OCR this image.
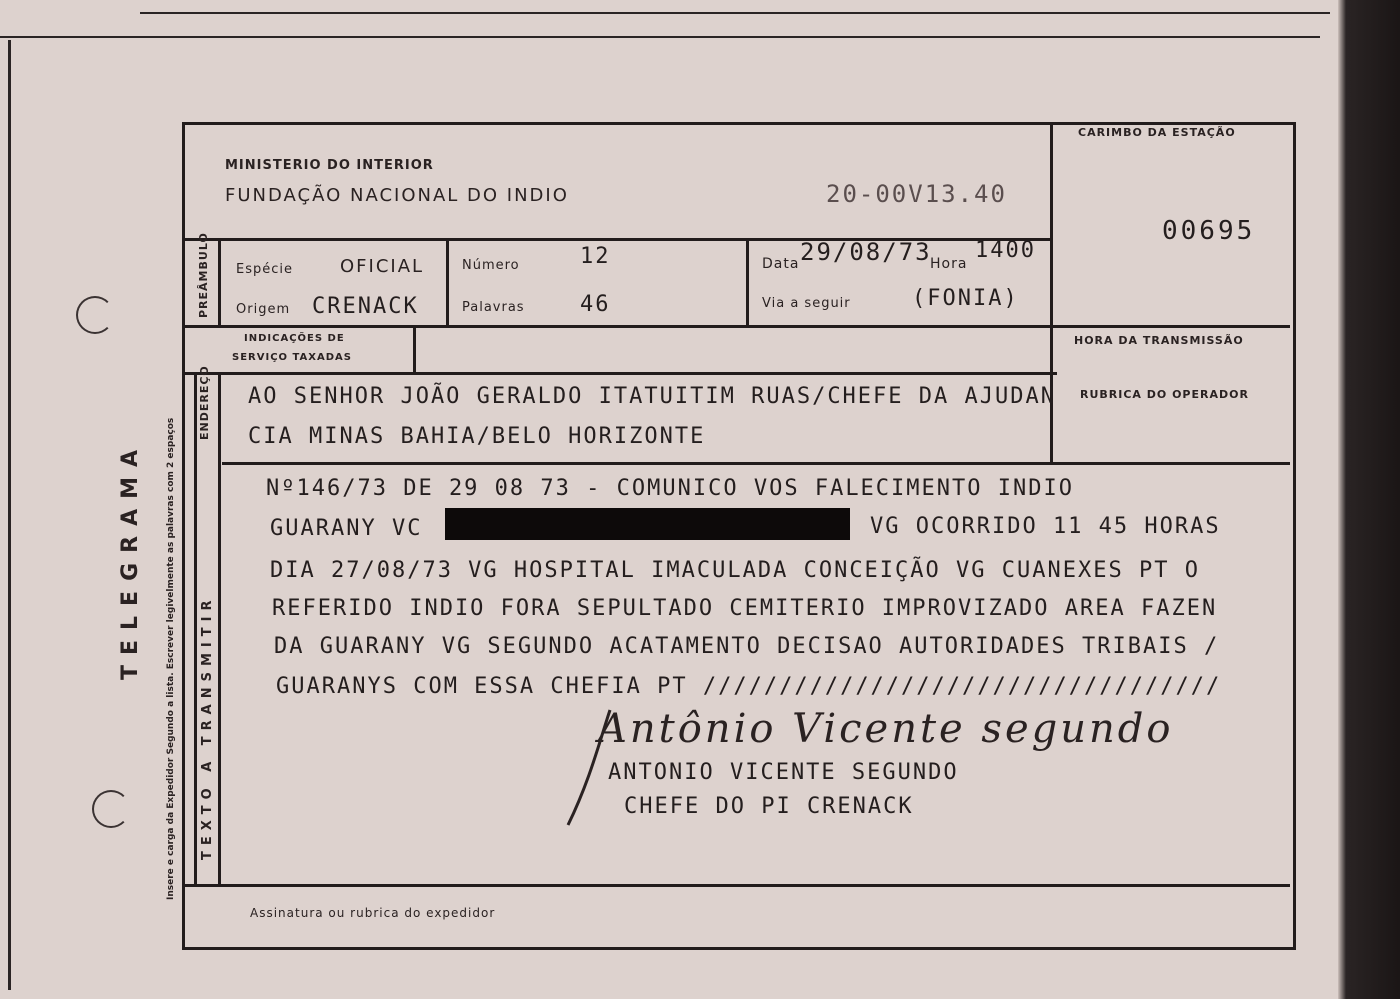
TELEGRAMA	Insere e carga da Expedidor Segundo a lista. Escrever legivelmente as palavras com 2 espaços
MINISTERIO DO INTERIOR
FUNDAÇÃO NACIONAL DO INDIO	20-00V13.40
CARIMBO DA ESTAÇÃO
00695
PREÂMBULO Espécie	OFICIAL
Origem CRENACK
Número	12
Palavras	46
Data 29/08/73
Hora
1400
Via a seguir	(FONIA)
INDICAÇÕES DE
SERVIÇO TAXADAS
HORA DA TRANSMISSÃO
RUBRICA DO OPERADOR
ENDEREÇO AO SENHOR JOÃO GERALDO ITATUITIM RUAS/CHEFE DA AJUDAN
CIA MINAS BAHIA/BELO HORIZONTE
TEXTO A TRANSMITIR
Nº146/73 DE 29 08 73 - COMUNICO VOS FALECIMENTO INDIO
GUARANY VC	VG OCORRIDO 11 45 HORAS
DIA 27/08/73 VG HOSPITAL IMACULADA CONCEIÇÃO VG CUANEXES PT O
REFERIDO INDIO FORA SEPULTADO CEMITERIO IMPROVIZADO AREA FAZEN
DA GUARANY VG SEGUNDO ACATAMENTO DECISAO AUTORIDADES TRIBAIS /
GUARANYS COM ESSA CHEFIA PT //////////////////////////////////
Antônio Vicente segundo
ANTONIO VICENTE SEGUNDO
CHEFE DO PI CRENACK
Assinatura ou rubrica do expedidor
